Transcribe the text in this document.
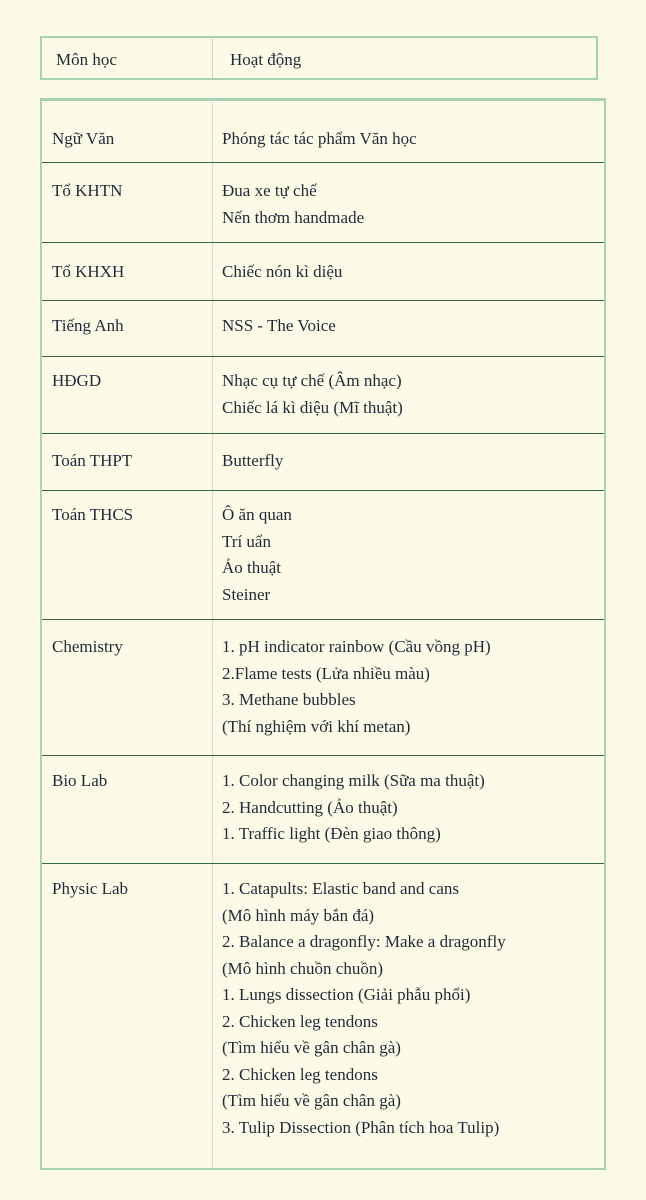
Môn học	Hoạt động
Ngữ Văn	Phóng tác tác phẩm Văn học
Tổ KHTN	Đua xe tự chế
Nến thơm handmade
Tổ KHXH	Chiếc nón kì diệu
Tiếng Anh	NSS - The Voice
HĐGD	Nhạc cụ tự chế (Âm nhạc)
Chiếc lá kì diệu (Mĩ thuật)
Toán THPT	Butterfly
Toán THCS	Ô ăn quan
Trí uẩn
Ảo thuật
Steiner
Chemistry	1. pH indicator rainbow (Cầu vồng pH)
2.Flame tests (Lửa nhiều màu)
3. Methane bubbles
(Thí nghiệm với khí metan)
Bio Lab	1. Color changing milk (Sữa ma thuật)
2. Handcutting (Ảo thuật)
1. Traffic light (Đèn giao thông)
Physic Lab	1. Catapults: Elastic band and cans
(Mô hình máy bắn đá)
2. Balance a dragonfly: Make a dragonfly
(Mô hình chuồn chuồn)
1. Lungs dissection (Giải phẫu phổi)
2. Chicken leg tendons
(Tìm hiểu về gân chân gà)
2. Chicken leg tendons
(Tìm hiểu về gân chân gà)
3. Tulip Dissection (Phân tích hoa Tulip)
